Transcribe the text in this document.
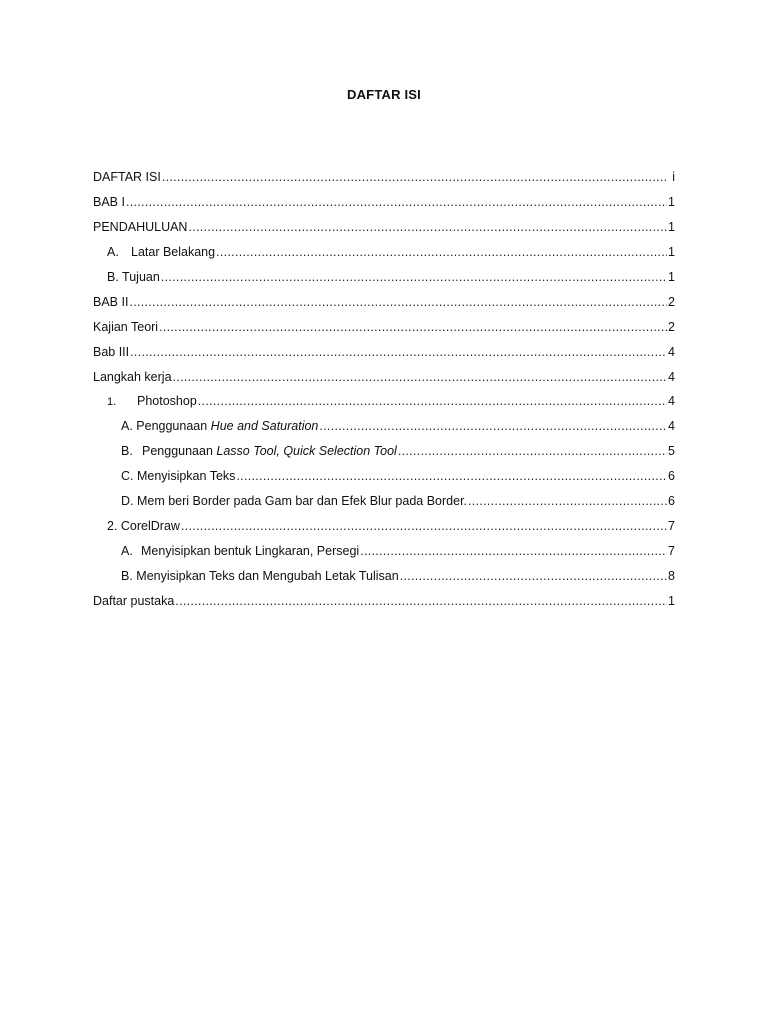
DAFTAR ISI
DAFTAR ISI .....	i
BAB I .....	1
PENDAHULUAN .....	1
A. Latar Belakang .....	1
B. Tujuan .....	1
BAB II .....	2
Kajian Teori .....	2
Bab III .....	4
Langkah kerja .....	4
1. Photoshop .....	4
A. Penggunaan Hue and Saturation .....	4
B. Penggunaan Lasso Tool, Quick Selection Tool .....	5
C. Menyisipkan Teks .....	6
D. Mem beri Border pada Gam bar dan Efek Blur pada Border. .....	6
2. CorelDraw .....	7
A. Menyisipkan bentuk Lingkaran, Persegi .....	7
B. Menyisipkan Teks dan Mengubah Letak Tulisan .....	8
Daftar pustaka .....	1
